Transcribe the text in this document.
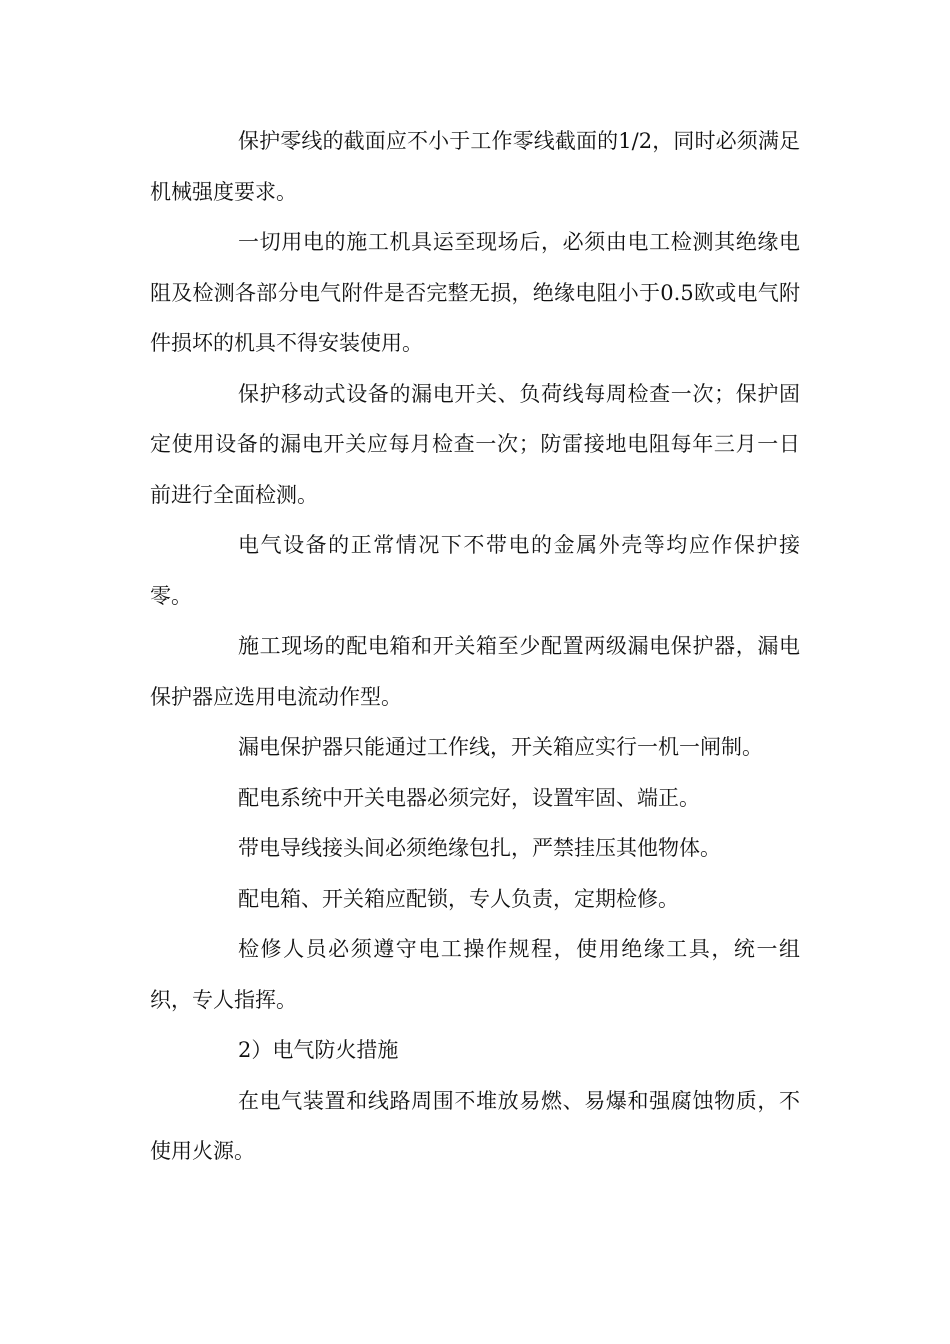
保护零线的截面应不小于工作零线截面的1/2，同时必须满足机械强度要求。

一切用电的施工机具运至现场后，必须由电工检测其绝缘电阻及检测各部分电气附件是否完整无损，绝缘电阻小于0.5欧或电气附件损坏的机具不得安装使用。

保护移动式设备的漏电开关、负荷线每周检查一次；保护固定使用设备的漏电开关应每月检查一次；防雷接地电阻每年三月一日前进行全面检测。

电气设备的正常情况下不带电的金属外壳等均应作保护接零。

施工现场的配电箱和开关箱至少配置两级漏电保护器，漏电保护器应选用电流动作型。

漏电保护器只能通过工作线，开关箱应实行一机一闸制。

配电系统中开关电器必须完好，设置牢固、端正。

带电导线接头间必须绝缘包扎，严禁挂压其他物体。

配电箱、开关箱应配锁，专人负责，定期检修。

检修人员必须遵守电工操作规程，使用绝缘工具，统一组织，专人指挥。

2）电气防火措施

在电气装置和线路周围不堆放易燃、易爆和强腐蚀物质，不使用火源。
